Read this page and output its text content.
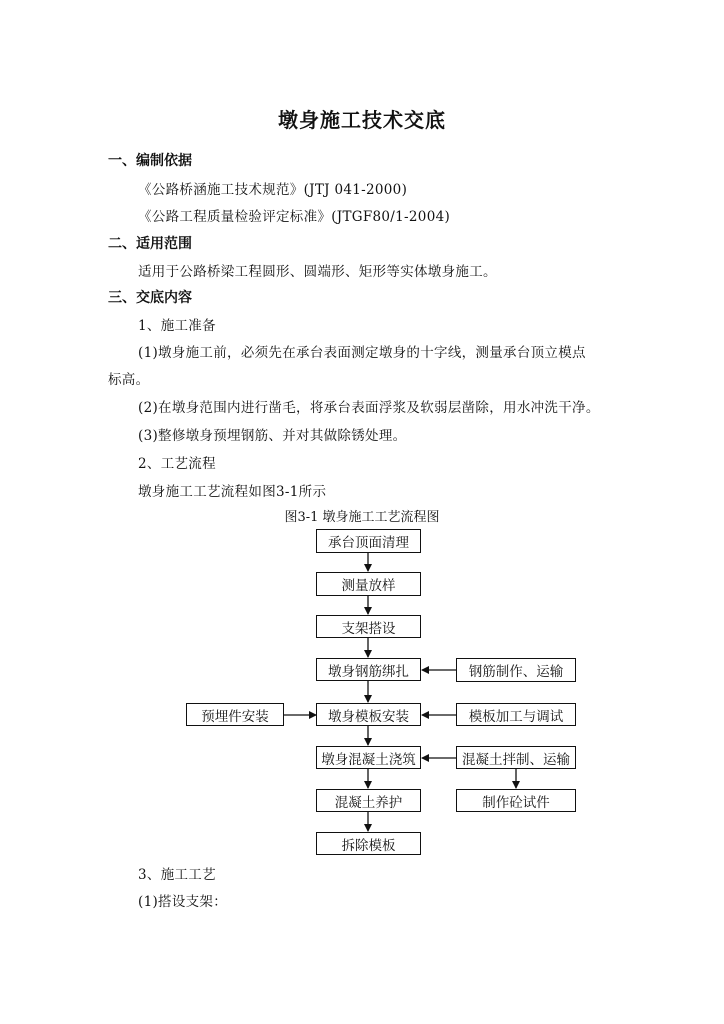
墩身施工技术交底
一、编制依据
《公路桥涵施工技术规范》(JTJ 041-2000)
《公路工程质量检验评定标准》(JTGF80/1-2004)
二、适用范围
适用于公路桥梁工程圆形、圆端形、矩形等实体墩身施工。
三、交底内容
1、施工准备
(1)墩身施工前，必须先在承台表面测定墩身的十字线，测量承台顶立模点
标高。
(2)在墩身范围内进行凿毛，将承台表面浮浆及软弱层凿除，用水冲洗干净。
(3)整修墩身预埋钢筋、并对其做除锈处理。
2、工艺流程
墩身施工工艺流程如图3-1所示
图3-1 墩身施工工艺流程图
承台顶面清理
测量放样
支架搭设
墩身钢筋绑扎
墩身模板安装
墩身混凝土浇筑
混凝土养护
拆除模板
预埋件安装
钢筋制作、运输
模板加工与调试
混凝土拌制、运输
制作砼试件
3、施工工艺
(1)搭设支架：
